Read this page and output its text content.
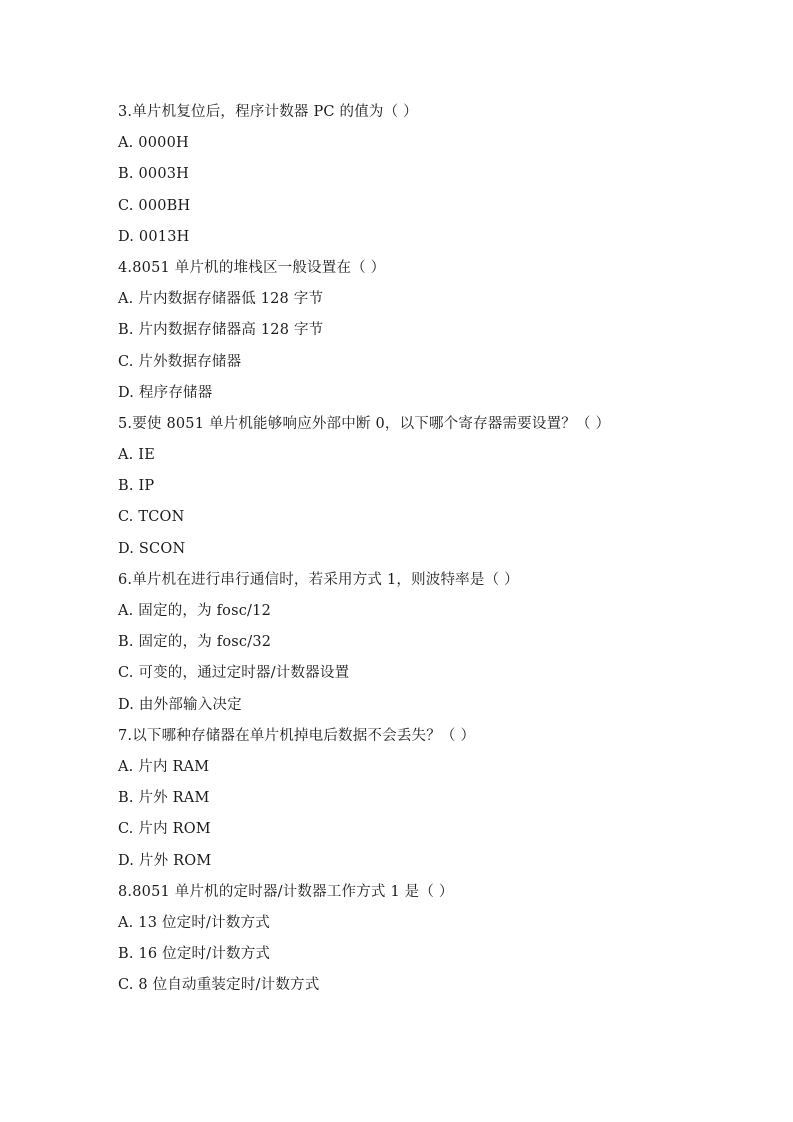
3.单片机复位后，程序计数器 PC 的值为（ ）
A. 0000H
B. 0003H
C. 000BH
D. 0013H
4.8051 单片机的堆栈区一般设置在（ ）
A. 片内数据存储器低 128 字节
B. 片内数据存储器高 128 字节
C. 片外数据存储器
D. 程序存储器
5.要使 8051 单片机能够响应外部中断 0，以下哪个寄存器需要设置？（ ）
A. IE
B. IP
C. TCON
D. SCON
6.单片机在进行串行通信时，若采用方式 1，则波特率是（ ）
A. 固定的，为 fosc/12
B. 固定的，为 fosc/32
C. 可变的，通过定时器/计数器设置
D. 由外部输入决定
7.以下哪种存储器在单片机掉电后数据不会丢失？（ ）
A. 片内 RAM
B. 片外 RAM
C. 片内 ROM
D. 片外 ROM
8.8051 单片机的定时器/计数器工作方式 1 是（ ）
A. 13 位定时/计数方式
B. 16 位定时/计数方式
C. 8 位自动重装定时/计数方式
